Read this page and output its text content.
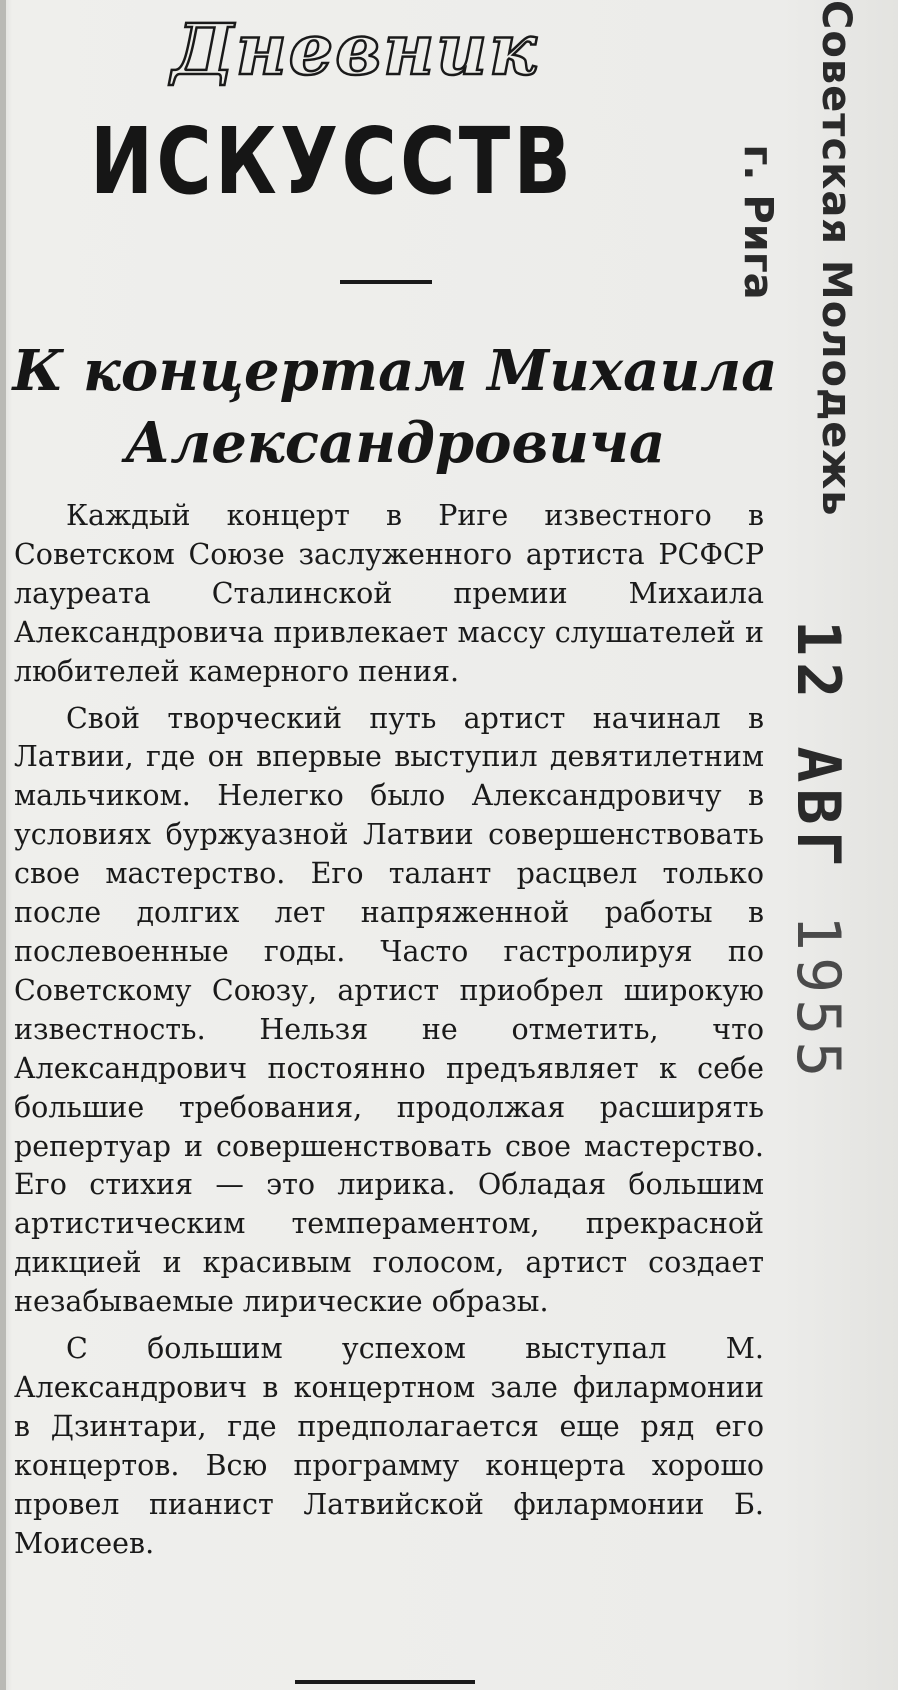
Дневник
ИСКУССТВ
К концертам Михаила Александровича

Каждый концерт в Риге известного в Советском Союзе заслуженного артиста РСФСР лауреата Сталинской премии Михаила Александровича привлекает массу слушателей и любителей камерного пения.

Свой творческий путь артист начинал в Латвии, где он впервые выступил девятилетним мальчиком. Нелегко было Александровичу в условиях буржуазной Латвии совершенствовать свое мастерство. Его талант расцвел только после долгих лет напряженной работы в послевоенные годы. Часто гастролируя по Советскому Союзу, артист приобрел широкую известность. Нельзя не отметить, что Александрович постоянно предъявляет к себе большие требования, продолжая расширять репертуар и совершенствовать свое мастерство. Его стихия — это лирика. Обладая большим артистическим темпераментом, прекрасной дикцией и красивым голосом, артист создает незабываемые лирические образы.

С большим успехом выступал М. Александрович в концертном зале филармонии в Дзинтари, где предполагается еще ряд его концертов. Всю программу концерта хорошо провел пианист Латвийской филармонии Б. Моисеев.

Советская Молодежь
г. Рига
12 АВГ 1955
